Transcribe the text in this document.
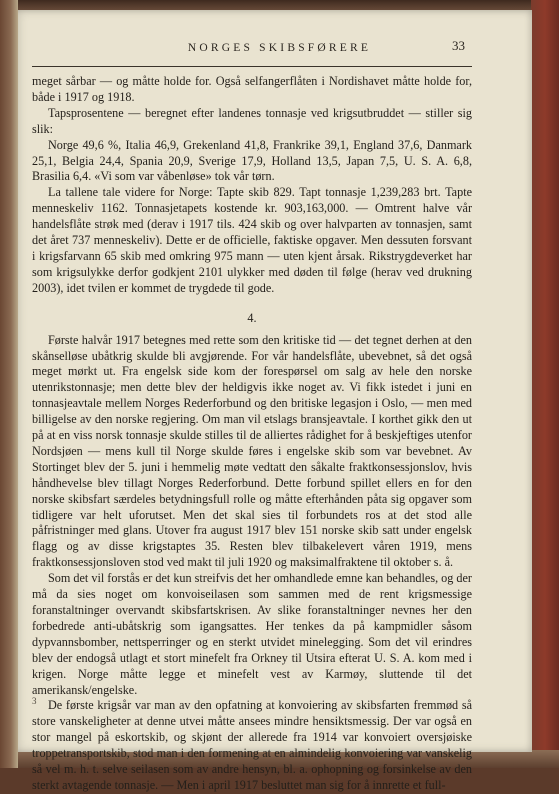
NORGES SKIBSFØRERE	33

meget sårbar — og måtte holde for. Også selfangerflåten i Nordishavet måtte holde for, både i 1917 og 1918.

Tapsprosentene — beregnet efter landenes tonnasje ved krigsutbruddet — stiller sig slik:

Norge 49,6 %, Italia 46,9, Grekenland 41,8, Frankrike 39,1, England 37,6, Danmark 25,1, Belgia 24,4, Spania 20,9, Sverige 17,9, Holland 13,5, Japan 7,5, U. S. A. 6,8, Brasilia 6,4. «Vi som var våbenløse» tok vår tørn.

La tallene tale videre for Norge: Tapte skib 829. Tapt tonnasje 1,239,283 brt. Tapte menneskeliv 1162. Tonnasjetapets kostende kr. 903,163,000. — Omtrent halve vår handelsflåte strøk med (derav i 1917 tils. 424 skib og over halvparten av tonnasjen, samt det året 737 menneskeliv). Dette er de officielle, faktiske opgaver. Men dessuten forsvant i krigsfarvann 65 skib med omkring 975 mann — uten kjent årsak. Rikstrygdeverket har som krigsulykke derfor godkjent 2101 ulykker med døden til følge (herav ved drukning 2003), idet tvilen er kommet de trygdede til gode.

4.

Første halvår 1917 betegnes med rette som den kritiske tid — det tegnet derhen at den skånselløse ubåtkrig skulde bli avgjørende. For vår handelsflåte, ubevebnet, så det også meget mørkt ut. Fra engelsk side kom der forespørsel om salg av hele den norske utenrikstonnasje; men dette blev der heldigvis ikke noget av. Vi fikk istedet i juni en tonnasjeavtale mellem Norges Rederforbund og den britiske legasjon i Oslo, — men med billigelse av den norske regjering. Om man vil etslags bransjeavtale. I korthet gikk den ut på at en viss norsk tonnasje skulde stilles til de alliertes rådighet for å beskjeftiges utenfor Nordsjøen — mens kull til Norge skulde føres i engelske skib som var bevebnet. Av Stortinget blev der 5. juni i hemmelig møte vedtatt den såkalte fraktkonsessjonslov, hvis håndhevelse blev tillagt Norges Rederforbund. Dette forbund spillet ellers en for den norske skibsfart særdeles betydningsfull rolle og måtte efterhånden påta sig opgaver som tidligere var helt uforutset. Men det skal sies til forbundets ros at det stod alle påfristninger med glans. Utover fra august 1917 blev 151 norske skib satt under engelsk flagg og av disse krigstaptes 35. Resten blev tilbakelevert våren 1919, mens fraktkonsessjonsloven stod ved makt til juli 1920 og maksimalfraktene til oktober s. å.

Som det vil forstås er det kun streifvis det her omhandlede emne kan behandles, og der må da sies noget om konvoiseilasen som sammen med de rent krigsmessige foranstaltninger overvandt skibsfartskrisen. Av slike foranstaltninger nevnes her den forbedrede anti-ubåtskrig som igangsattes. Her tenkes da på kampmidler såsom dypvannsbomber, nettsperringer og en sterkt utvidet minelegging. Som det vil erindres blev der endogså utlagt et stort minefelt fra Orkney til Utsira efterat U. S. A. kom med i krigen. Norge måtte legge et minefelt vest av Karmøy, sluttende til det amerikansk/engelske.

De første krigsår var man av den opfatning at konvoiering av skibsfarten fremmød så store vanskeligheter at denne utvei måtte ansees mindre hensiktsmessig. Der var også en stor mangel på eskortskib, og skjønt der allerede fra 1914 var konvoiert oversjøiske troppetransportskib, stod man i den formening at en almindelig konvoiering var vanskelig så vel m. h. t. selve seilasen som av andre hensyn, bl. a. ophopning og forsinkelse av den sterkt avtagende tonnasje. — Men i april 1917 besluttet man sig for å innrette et full-

3
